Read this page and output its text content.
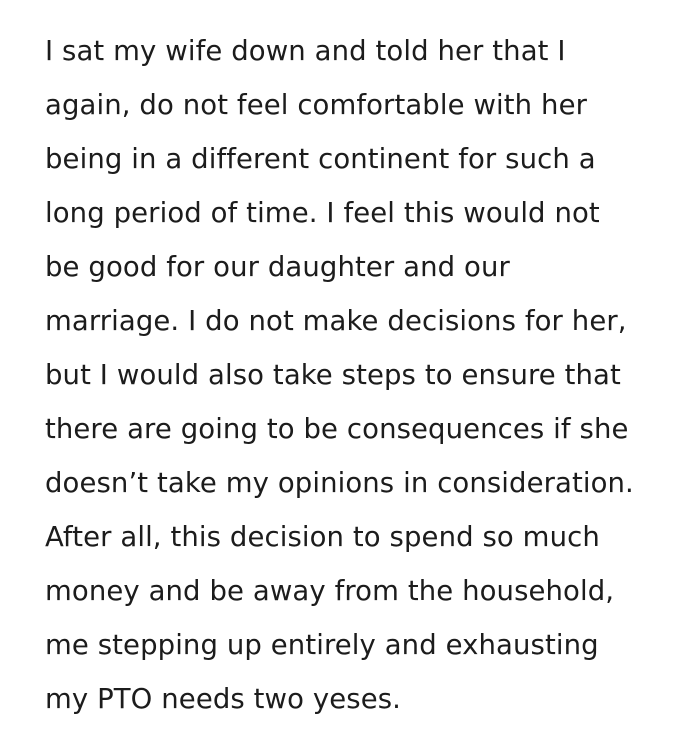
I sat my wife down and told her that I
again, do not feel comfortable with her
being in a different continent for such a
long period of time. I feel this would not
be good for our daughter and our
marriage. I do not make decisions for her,
but I would also take steps to ensure that
there are going to be consequences if she
doesn’t take my opinions in consideration.
After all, this decision to spend so much
money and be away from the household,
me stepping up entirely and exhausting
my PTO needs two yeses.
